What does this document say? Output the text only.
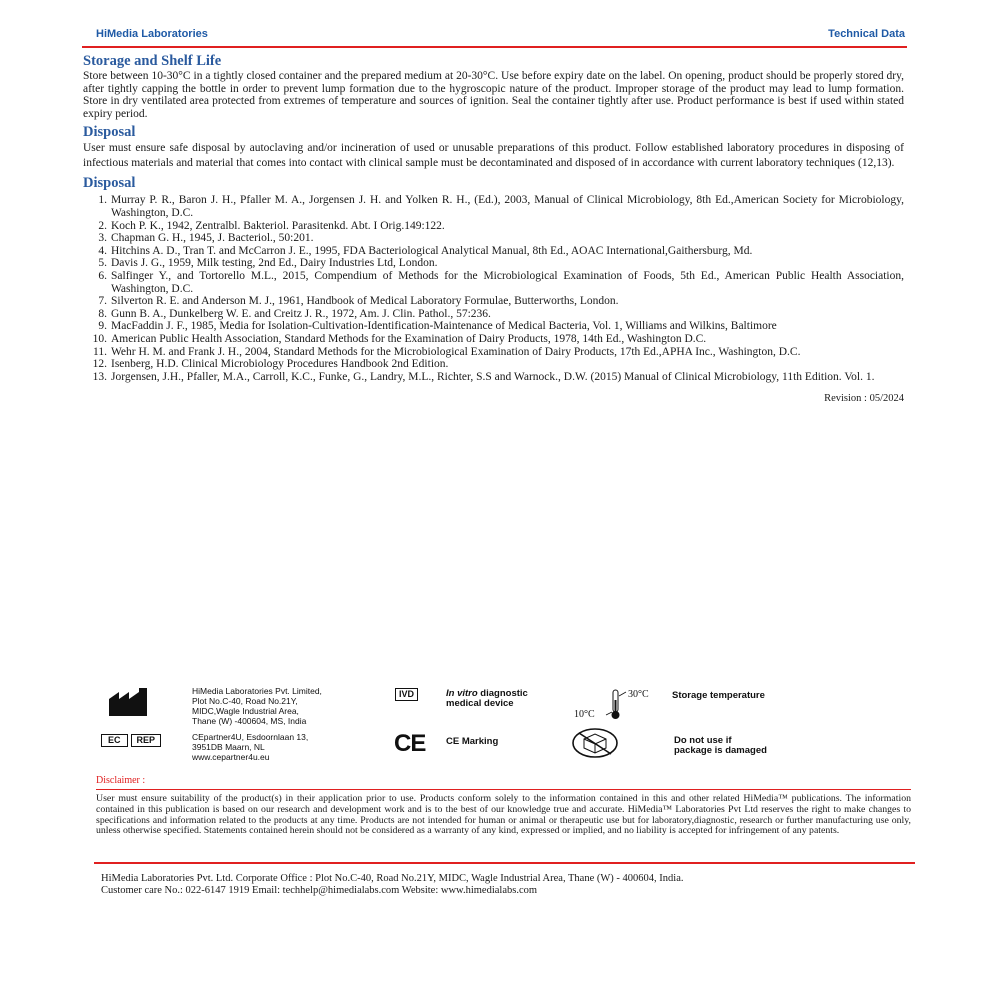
HiMedia Laboratories	Technical Data
Storage and Shelf Life

Store between 10-30°C in a tightly closed container and the prepared medium at 20-30°C. Use before expiry date on the label. On opening, product should be properly stored dry, after tightly capping the bottle in order to prevent lump formation due to the hygroscopic nature of the product. Improper storage of the product may lead to lump formation. Store in dry ventilated area protected from extremes of temperature and sources of ignition. Seal the container tightly after use. Product performance is best if used within stated expiry period.

Disposal

User must ensure safe disposal by autoclaving and/or incineration of used or unusable preparations of this product. Follow established laboratory procedures in disposing of infectious materials and material that comes into contact with clinical sample must be decontaminated and disposed of in accordance with current laboratory techniques (12,13).

Disposal
1. Murray P. R., Baron J. H., Pfaller M. A., Jorgensen J. H. and Yolken R. H., (Ed.), 2003, Manual of Clinical Microbiology, 8th Ed.,American Society for Microbiology, Washington, D.C.
2. Koch P. K., 1942, Zentralbl. Bakteriol. Parasitenkd. Abt. I Orig.149:122.
3. Chapman G. H., 1945, J. Bacteriol., 50:201.
4. Hitchins A. D., Tran T. and McCarron J. E., 1995, FDA Bacteriological Analytical Manual, 8th Ed., AOAC International,Gaithersburg, Md.
5. Davis J. G., 1959, Milk testing, 2nd Ed., Dairy Industries Ltd, London.
6. Salfinger Y., and Tortorello M.L., 2015, Compendium of Methods for the Microbiological Examination of Foods, 5th Ed., American Public Health Association, Washington, D.C.
7. Silverton R. E. and Anderson M. J., 1961, Handbook of Medical Laboratory Formulae, Butterworths, London.
8. Gunn B. A., Dunkelberg W. E. and Creitz J. R., 1972, Am. J. Clin. Pathol., 57:236.
9. MacFaddin J. F., 1985, Media for Isolation-Cultivation-Identification-Maintenance of Medical Bacteria, Vol. 1, Williams and Wilkins, Baltimore
10. American Public Health Association, Standard Methods for the Examination of Dairy Products, 1978, 14th Ed., Washington D.C.
11. Wehr H. M. and Frank J. H., 2004, Standard Methods for the Microbiological Examination of Dairy Products, 17th Ed.,APHA Inc., Washington, D.C.
12. Isenberg, H.D. Clinical Microbiology Procedures Handbook 2nd Edition.
13. Jorgensen, J.H., Pfaller, M.A., Carroll, K.C., Funke, G., Landry, M.L., Richter, S.S and Warnock., D.W. (2015) Manual of Clinical Microbiology, 11th Edition. Vol. 1.
Revision : 05/2024
HiMedia Laboratories Pvt. Limited,
Plot No.C-40, Road No.21Y,
MIDC,Wagle Industrial Area,
Thane (W) -400604, MS, India
IVD	In vitro diagnostic
medical device
30°C
10°C
Storage temperature
EC REP	CEpartner4U, Esdoornlaan 13,
3951DB Maarn, NL
www.cepartner4u.eu	CE CE Marking	Do not use if
package is damaged
Disclaimer :
User must ensure suitability of the product(s) in their application prior to use. Products conform solely to the information contained in this and other related HiMedia™ publications. The information contained in this publication is based on our research and development work and is to the best of our knowledge true and accurate. HiMedia™ Laboratories Pvt Ltd reserves the right to make changes to specifications and information related to the products at any time. Products are not intended for human or animal or therapeutic use but for laboratory,diagnostic, research or further manufacturing use only, unless otherwise specified. Statements contained herein should not be considered as a warranty of any kind, expressed or implied, and no liability is accepted for infringement of any patents.
HiMedia Laboratories Pvt. Ltd. Corporate Office : Plot No.C-40, Road No.21Y, MIDC, Wagle Industrial Area, Thane (W) - 400604, India.
Customer care No.: 022-6147 1919 Email: techhelp@himedialabs.com Website: www.himedialabs.com
